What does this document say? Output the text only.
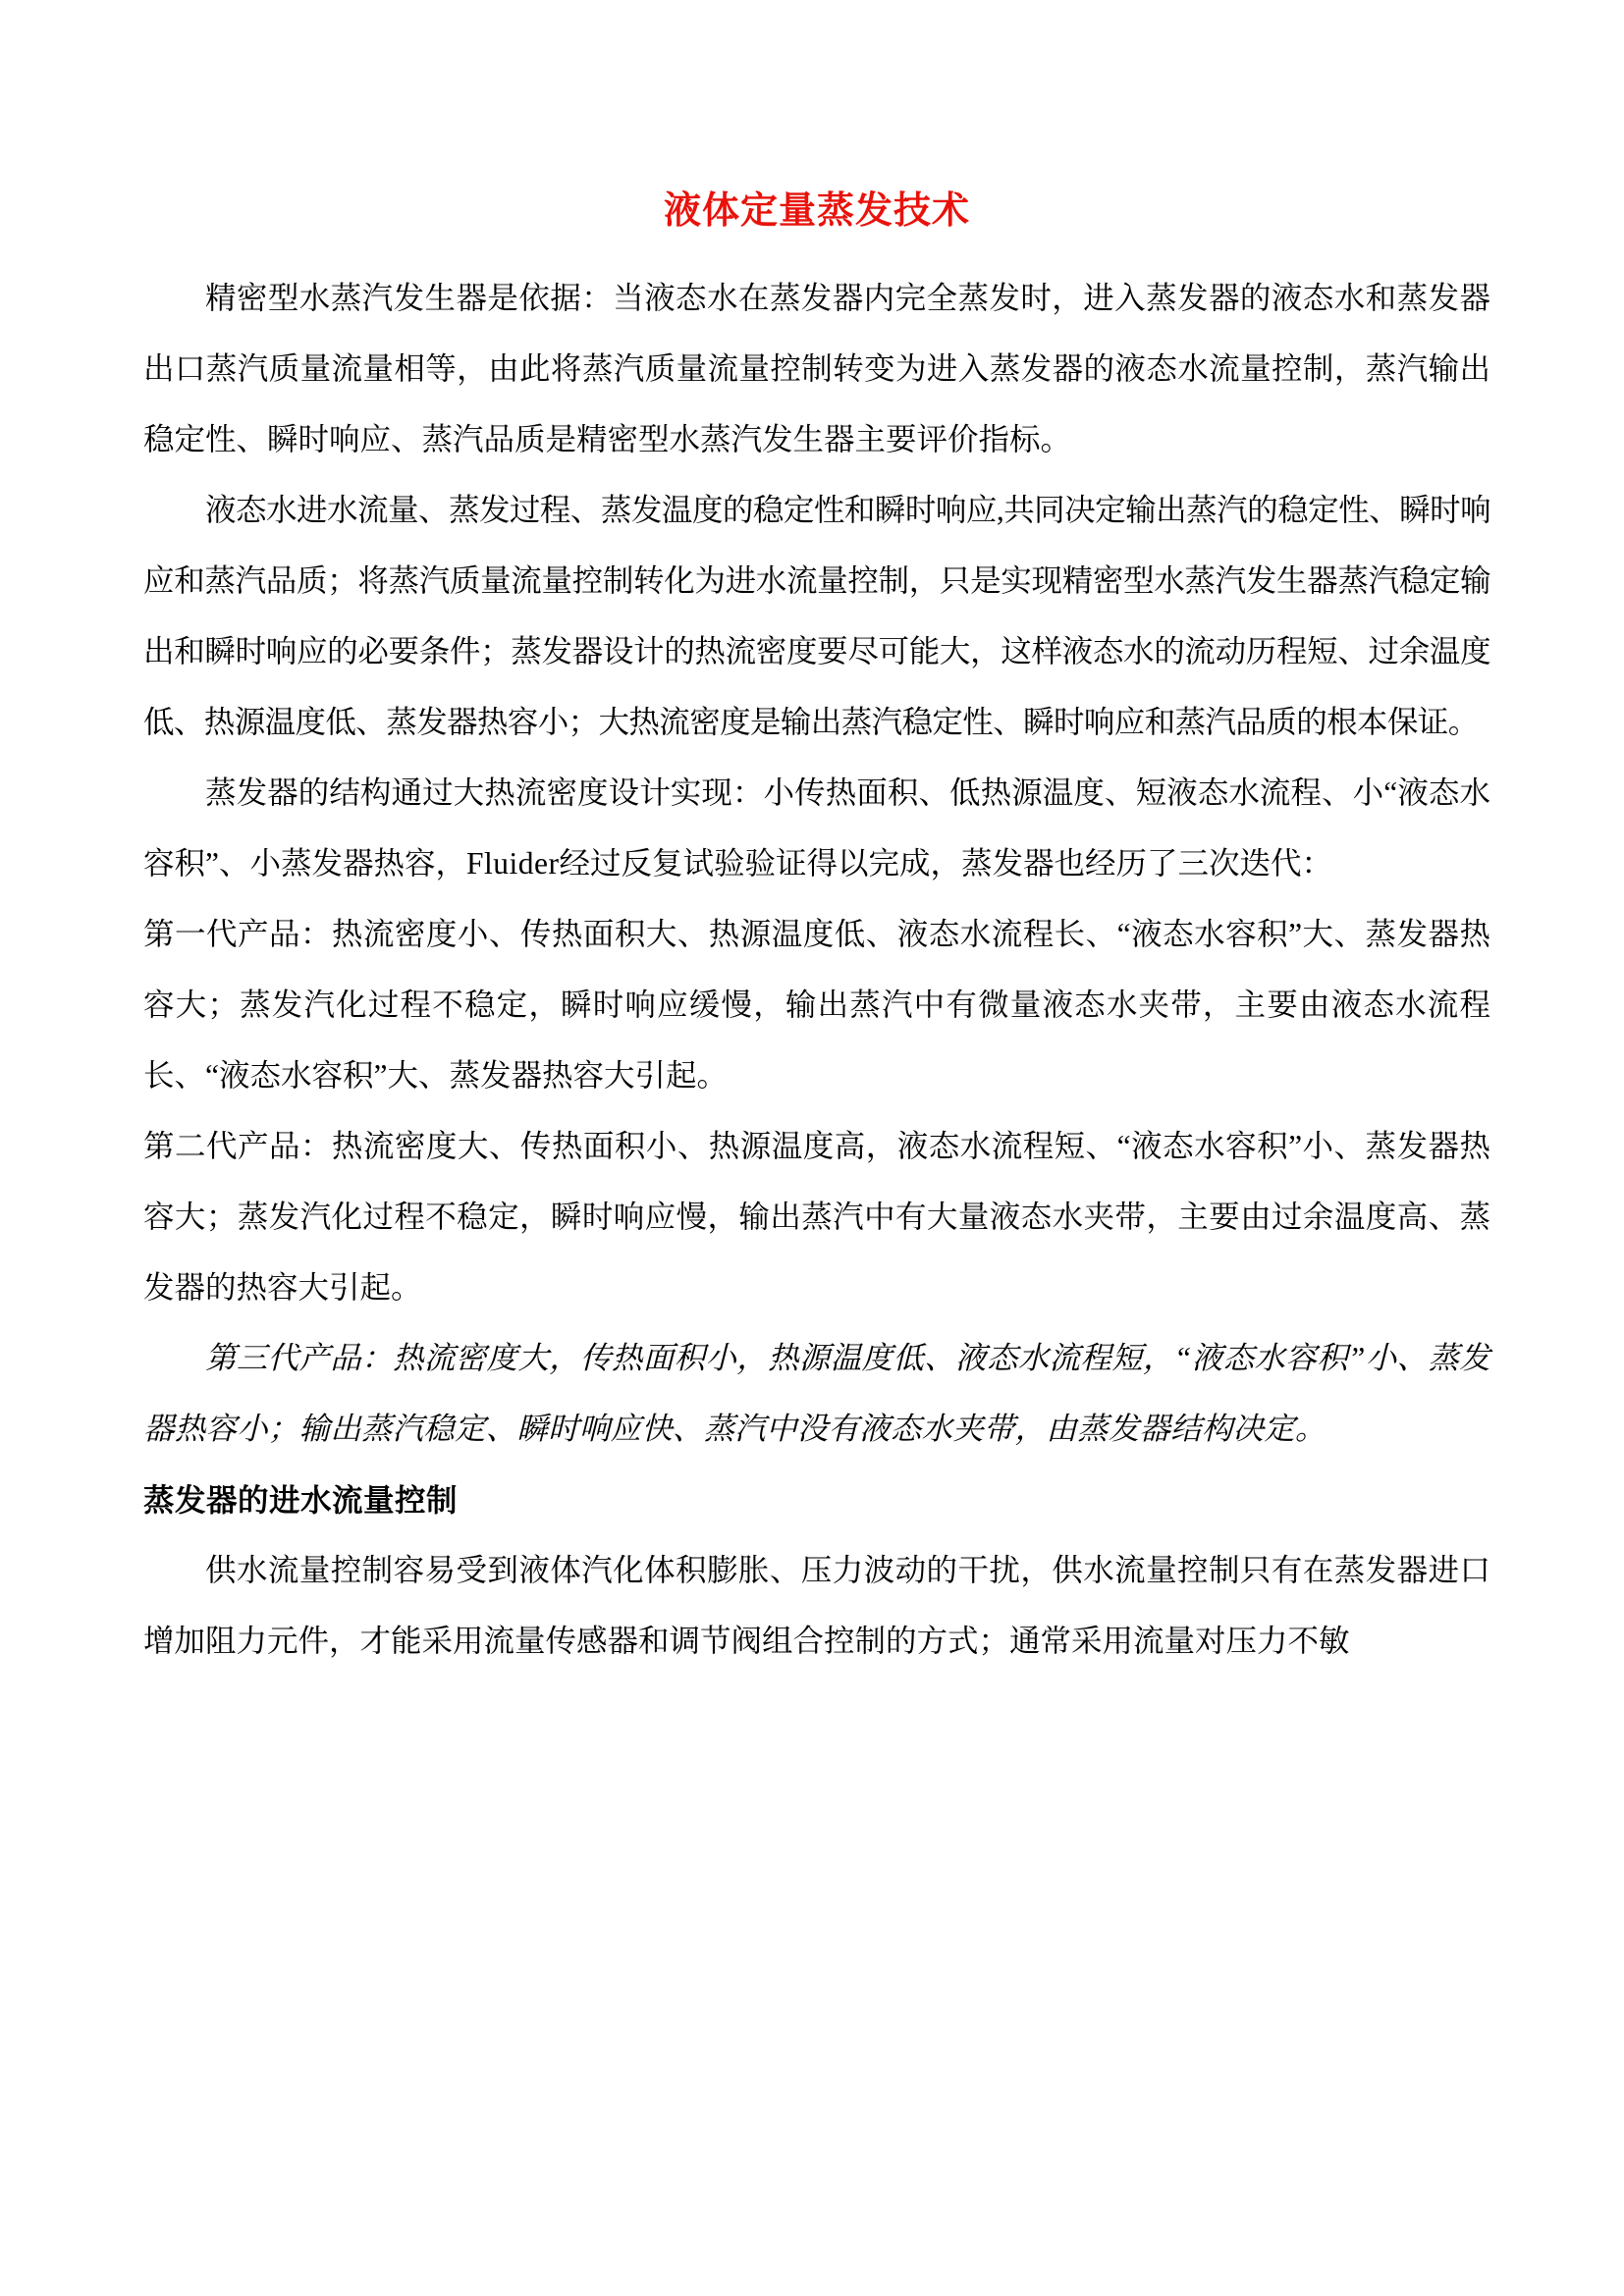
液体定量蒸发技术

精密型水蒸汽发生器是依据：当液态水在蒸发器内完全蒸发时，进入蒸发器的液态水和蒸发器出口蒸汽质量流量相等，由此将蒸汽质量流量控制转变为进入蒸发器的液态水流量控制，蒸汽输出稳定性、瞬时响应、蒸汽品质是精密型水蒸汽发生器主要评价指标。

液态水进水流量、蒸发过程、蒸发温度的稳定性和瞬时响应,共同决定输出蒸汽的稳定性、瞬时响应和蒸汽品质；将蒸汽质量流量控制转化为进水流量控制，只是实现精密型水蒸汽发生器蒸汽稳定输出和瞬时响应的必要条件；蒸发器设计的热流密度要尽可能大，这样液态水的流动历程短、过余温度低、热源温度低、蒸发器热容小；大热流密度是输出蒸汽稳定性、瞬时响应和蒸汽品质的根本保证。

蒸发器的结构通过大热流密度设计实现：小传热面积、低热源温度、短液态水流程、小“液态水容积”、小蒸发器热容，Fluider经过反复试验验证得以完成，蒸发器也经历了三次迭代：

第一代产品：热流密度小、传热面积大、热源温度低、液态水流程长、“液态水容积”大、蒸发器热容大；蒸发汽化过程不稳定，瞬时响应缓慢，输出蒸汽中有微量液态水夹带，主要由液态水流程长、“液态水容积”大、蒸发器热容大引起。

第二代产品：热流密度大、传热面积小、热源温度高，液态水流程短、“液态水容积”小、蒸发器热容大；蒸发汽化过程不稳定，瞬时响应慢，输出蒸汽中有大量液态水夹带，主要由过余温度高、蒸发器的热容大引起。

第三代产品：热流密度大，传热面积小，热源温度低、液态水流程短，“液态水容积”小、蒸发器热容小；输出蒸汽稳定、瞬时响应快、蒸汽中没有液态水夹带，由蒸发器结构决定。

蒸发器的进水流量控制

供水流量控制容易受到液体汽化体积膨胀、压力波动的干扰，供水流量控制只有在蒸发器进口增加阻力元件，才能采用流量传感器和调节阀组合控制的方式；通常采用流量对压力不敏
